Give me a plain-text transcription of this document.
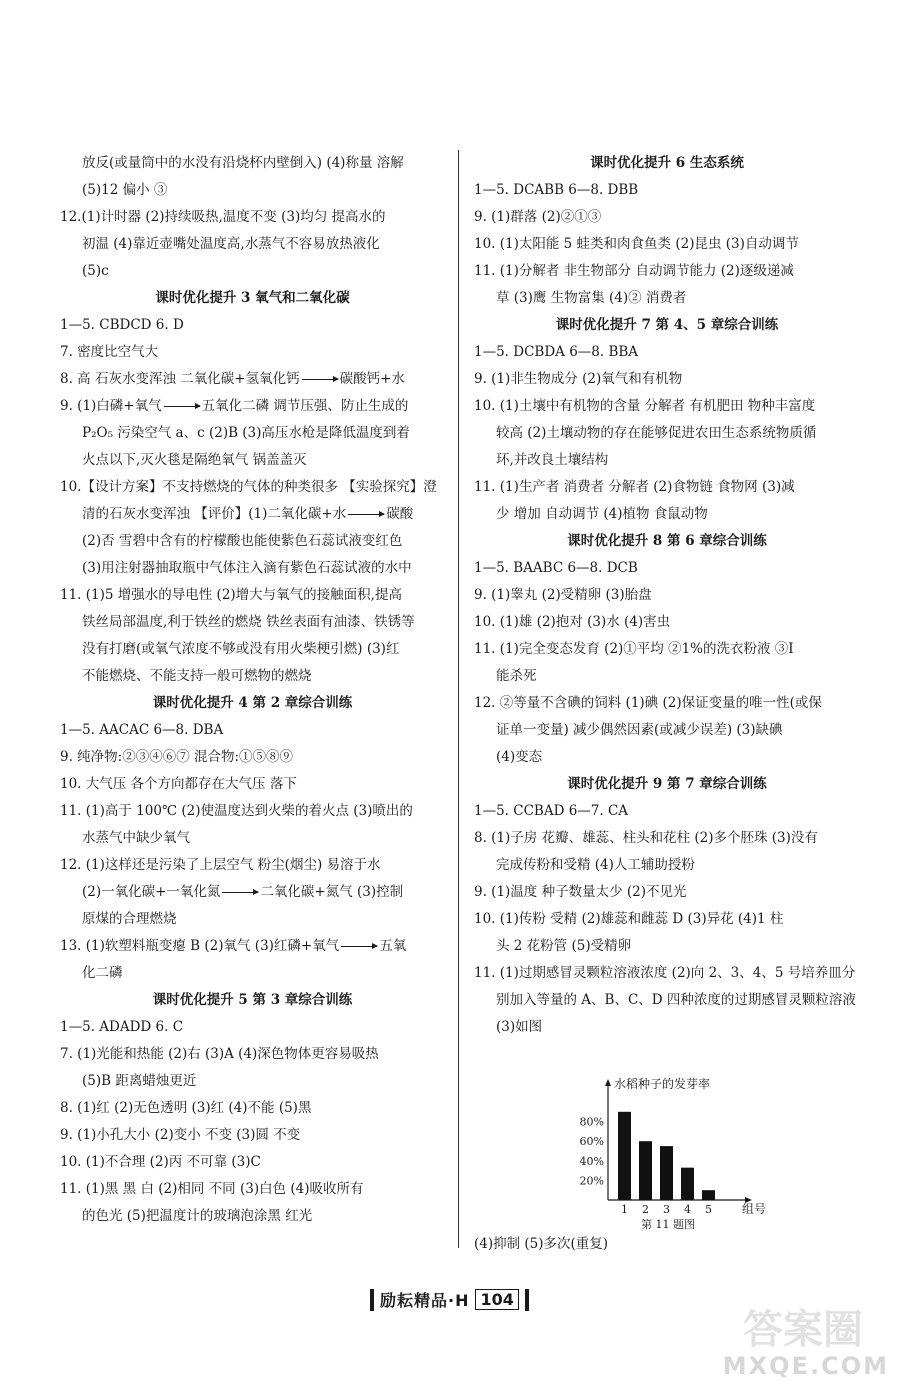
放反(或量筒中的水没有沿烧杯内壁倒入) (4)称量 溶解
(5)12 偏小 ③
12.(1)计时器 (2)持续吸热,温度不变 (3)均匀 提高水的
初温 (4)靠近壶嘴处温度高,水蒸气不容易放热液化
(5)c
课时优化提升 3 氧气和二氧化碳
1—5. CBDCD 6. D
7. 密度比空气大
8. 高 石灰水变浑浊 二氧化碳+氢氧化钙	碳酸钙+水
9. (1)白磷+氧气	五氧化二磷 调节压强、防止生成的
P₂O₅ 污染空气 a、c (2)B (3)高压水枪是降低温度到着
火点以下,灭火毯是隔绝氧气 锅盖盖灭
10.【设计方案】不支持燃烧的气体的种类很多 【实验探究】澄
清的石灰水变浑浊 【评价】(1)二氧化碳+水	碳酸
(2)否 雪碧中含有的柠檬酸也能使紫色石蕊试液变红色
(3)用注射器抽取瓶中气体注入滴有紫色石蕊试液的水中
11. (1)5 增强水的导电性 (2)增大与氧气的接触面积,提高
铁丝局部温度,利于铁丝的燃烧 铁丝表面有油漆、铁锈等
没有打磨(或氧气浓度不够或没有用火柴梗引燃) (3)红
不能燃烧、不能支持一般可燃物的燃烧
课时优化提升 4 第 2 章综合训练
1—5. AACAC 6—8. DBA
9. 纯净物:②③④⑥⑦ 混合物:①⑤⑧⑨
10. 大气压 各个方向都存在大气压 落下
11. (1)高于 100℃ (2)使温度达到火柴的着火点 (3)喷出的
水蒸气中缺少氧气
12. (1)这样还是污染了上层空气 粉尘(烟尘) 易溶于水
(2)一氧化碳+一氧化氮	二氧化碳+氮气 (3)控制
原煤的合理燃烧
13. (1)软塑料瓶变瘪 B (2)氧气 (3)红磷+氧气	五氧
化二磷
课时优化提升 5 第 3 章综合训练
1—5. ADADD 6. C
7. (1)光能和热能 (2)右 (3)A (4)深色物体更容易吸热
(5)B 距离蜡烛更近
8. (1)红 (2)无色透明 (3)红 (4)不能 (5)黑
9. (1)小孔大小 (2)变小 不变 (3)圆 不变
10. (1)不合理 (2)丙 不可靠 (3)C
11. (1)黑 黑 白 (2)相同 不同 (3)白色 (4)吸收所有
的色光 (5)把温度计的玻璃泡涂黑 红光
课时优化提升 6 生态系统
1—5. DCABB 6—8. DBB
9. (1)群落 (2)②①③
10. (1)太阳能 5 蛙类和肉食鱼类 (2)昆虫 (3)自动调节
11. (1)分解者 非生物部分 自动调节能力 (2)逐级递减
草 (3)鹰 生物富集 (4)② 消费者
课时优化提升 7 第 4、5 章综合训练
1—5. DCBDA 6—8. BBA
9. (1)非生物成分 (2)氧气和有机物
10. (1)土壤中有机物的含量 分解者 有机肥田 物种丰富度
较高 (2)土壤动物的存在能够促进农田生态系统物质循
环,并改良土壤结构
11. (1)生产者 消费者 分解者 (2)食物链 食物网 (3)减
少 增加 自动调节 (4)植物 食鼠动物
课时优化提升 8 第 6 章综合训练
1—5. BAABC 6—8. DCB
9. (1)睾丸 (2)受精卵 (3)胎盘
10. (1)雄 (2)抱对 (3)水 (4)害虫
11. (1)完全变态发育 (2)①平均 ②1%的洗衣粉液 ③Ⅰ
能杀死
12. ②等量不含碘的饲料 (1)碘 (2)保证变量的唯一性(或保
证单一变量) 减少偶然因素(或减少误差) (3)缺碘
(4)变态
课时优化提升 9 第 7 章综合训练
1—5. CCBAD 6—7. CA
8. (1)子房 花瓣、雄蕊、柱头和花柱 (2)多个胚珠 (3)没有
完成传粉和受精 (4)人工辅助授粉
9. (1)温度 种子数量太少 (2)不见光
10. (1)传粉 受精 (2)雄蕊和雌蕊 D (3)异花 (4)1 柱
头 2 花粉管 (5)受精卵
11. (1)过期感冒灵颗粒溶液浓度 (2)向 2、3、4、5 号培养皿分
别加入等量的 A、B、C、D 四种浓度的过期感冒灵颗粒溶液
(3)如图
水稻种子的发芽率
20%
40%
60%
80%
1 2 3 4 5	组号
第 11 题图
(4)抑制 (5)多次(重复)
励耘精品·H 104
答案圈
MXQE.COM
